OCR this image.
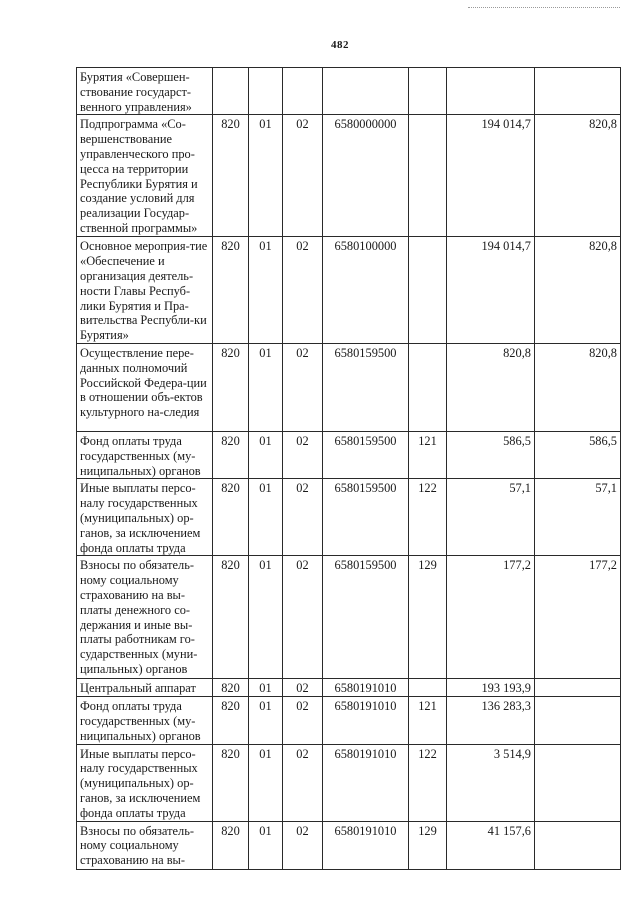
482
Бурятия «Совершен-ствование государст-венного управления»							
Подпрограмма «Со-вершенствование управленческого про-цесса на территории Республики Бурятия и создание условий для реализации Государ-ственной программы»	820	01	02	6580000000		194 014,7	820,8
Основное мероприя-тие «Обеспечение и организация деятель-ности Главы Респуб-лики Бурятия и Пра-вительства Республи-ки Бурятия»	820	01	02	6580100000		194 014,7	820,8
Осуществление пере-данных полномочий Российской Федера-ции в отношении объ-ектов культурного на-следия	820	01	02	6580159500		820,8	820,8
Фонд оплаты труда государственных (му-ниципальных) органов	820	01	02	6580159500	121	586,5	586,5
Иные выплаты персо-налу государственных (муниципальных) ор-ганов, за исключением фонда оплаты труда	820	01	02	6580159500	122	57,1	57,1
Взносы по обязатель-ному социальному страхованию на вы-платы денежного со-держания и иные вы-платы работникам го-сударственных (муни-ципальных) органов	820	01	02	6580159500	129	177,2	177,2
Центральный аппарат	820	01	02	6580191010		193 193,9	
Фонд оплаты труда государственных (му-ниципальных) органов	820	01	02	6580191010	121	136 283,3	
Иные выплаты персо-налу государственных (муниципальных) ор-ганов, за исключением фонда оплаты труда	820	01	02	6580191010	122	3 514,9	
Взносы по обязатель-ному социальному страхованию на вы-	820	01	02	6580191010	129	41 157,6	
